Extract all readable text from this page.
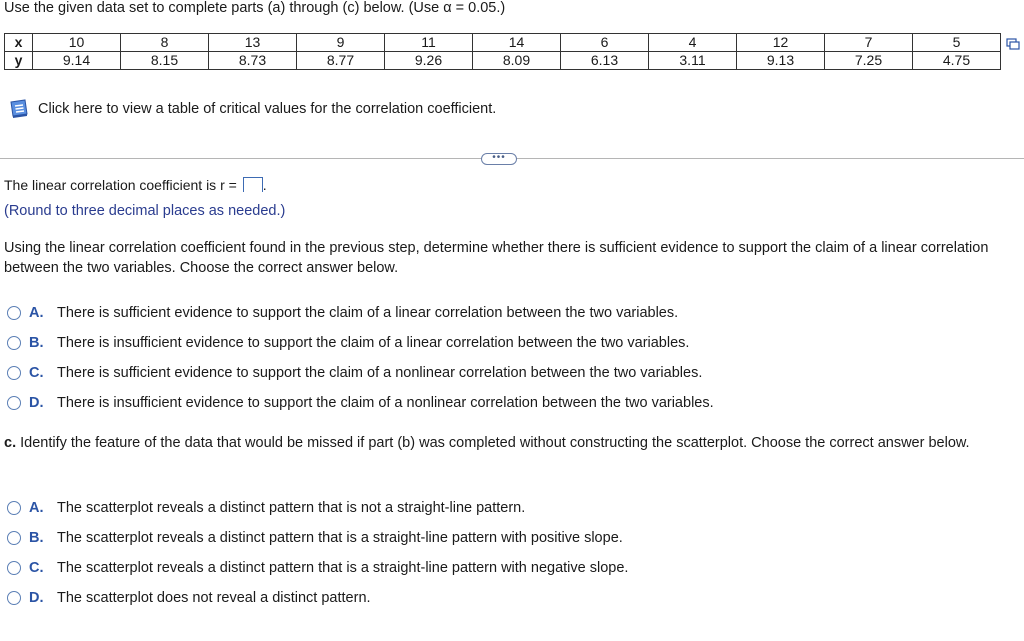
Use the given data set to complete parts (a) through (c) below. (Use α = 0.05.)
x	10	8	13	9	11	14	6	4	12	7	5
y	9.14	8.15	8.73	8.77	9.26	8.09	6.13	3.11	9.13	7.25	4.75
Click here to view a table of critical values for the correlation coefficient.
•••
The linear correlation coefficient is r = .
(Round to three decimal places as needed.)
Using the linear correlation coefficient found in the previous step, determine whether there is sufficient evidence to support the claim of a linear correlation between the two variables. Choose the correct answer below.
A. There is sufficient evidence to support the claim of a linear correlation between the two variables.
B. There is insufficient evidence to support the claim of a linear correlation between the two variables.
C. There is sufficient evidence to support the claim of a nonlinear correlation between the two variables.
D. There is insufficient evidence to support the claim of a nonlinear correlation between the two variables.
c. Identify the feature of the data that would be missed if part (b) was completed without constructing the scatterplot. Choose the correct answer below.
A. The scatterplot reveals a distinct pattern that is not a straight-line pattern.
B. The scatterplot reveals a distinct pattern that is a straight-line pattern with positive slope.
C. The scatterplot reveals a distinct pattern that is a straight-line pattern with negative slope.
D. The scatterplot does not reveal a distinct pattern.
